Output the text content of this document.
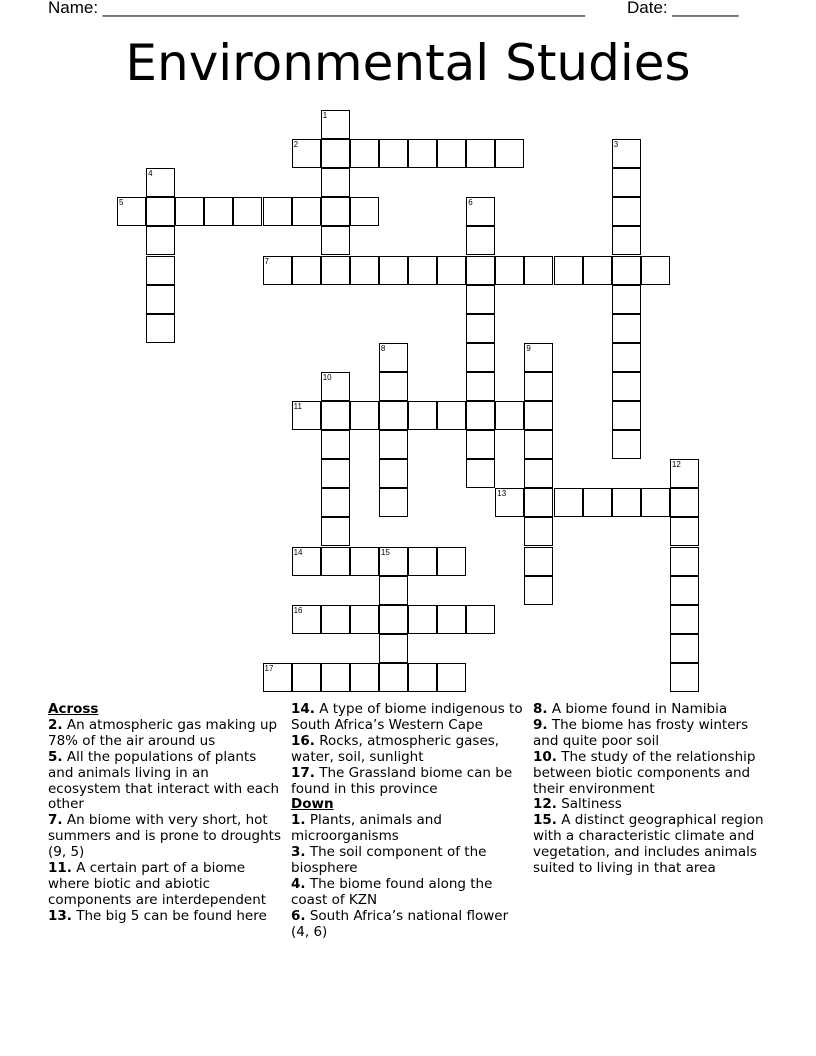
Name: ___________________________________________________ Date: _______
Environmental Studies
1
2	3
4
5	6
7
8	9
10
11
12
13
14	15
16
17

Across

2. An atmospheric gas making up 78% of the air around us

5. All the populations of plants and animals living in an ecosystem that interact with each other

7. An biome with very short, hot summers and is prone to droughts (9, 5)

11. A certain part of a biome where biotic and abiotic components are interdependent

13. The big 5 can be found here

14. A type of biome indigenous to South Africa’s Western Cape

16. Rocks, atmospheric gases, water, soil, sunlight

17. The Grassland biome can be found in this province

Down

1. Plants, animals and microorganisms

3. The soil component of the biosphere

4. The biome found along the coast of KZN

6. South Africa’s national flower (4, 6)

8. A biome found in Namibia

9. The biome has frosty winters and quite poor soil

10. The study of the relationship between biotic components and their environment

12. Saltiness

15. A distinct geographical region with a characteristic climate and vegetation, and includes animals suited to living in that area
